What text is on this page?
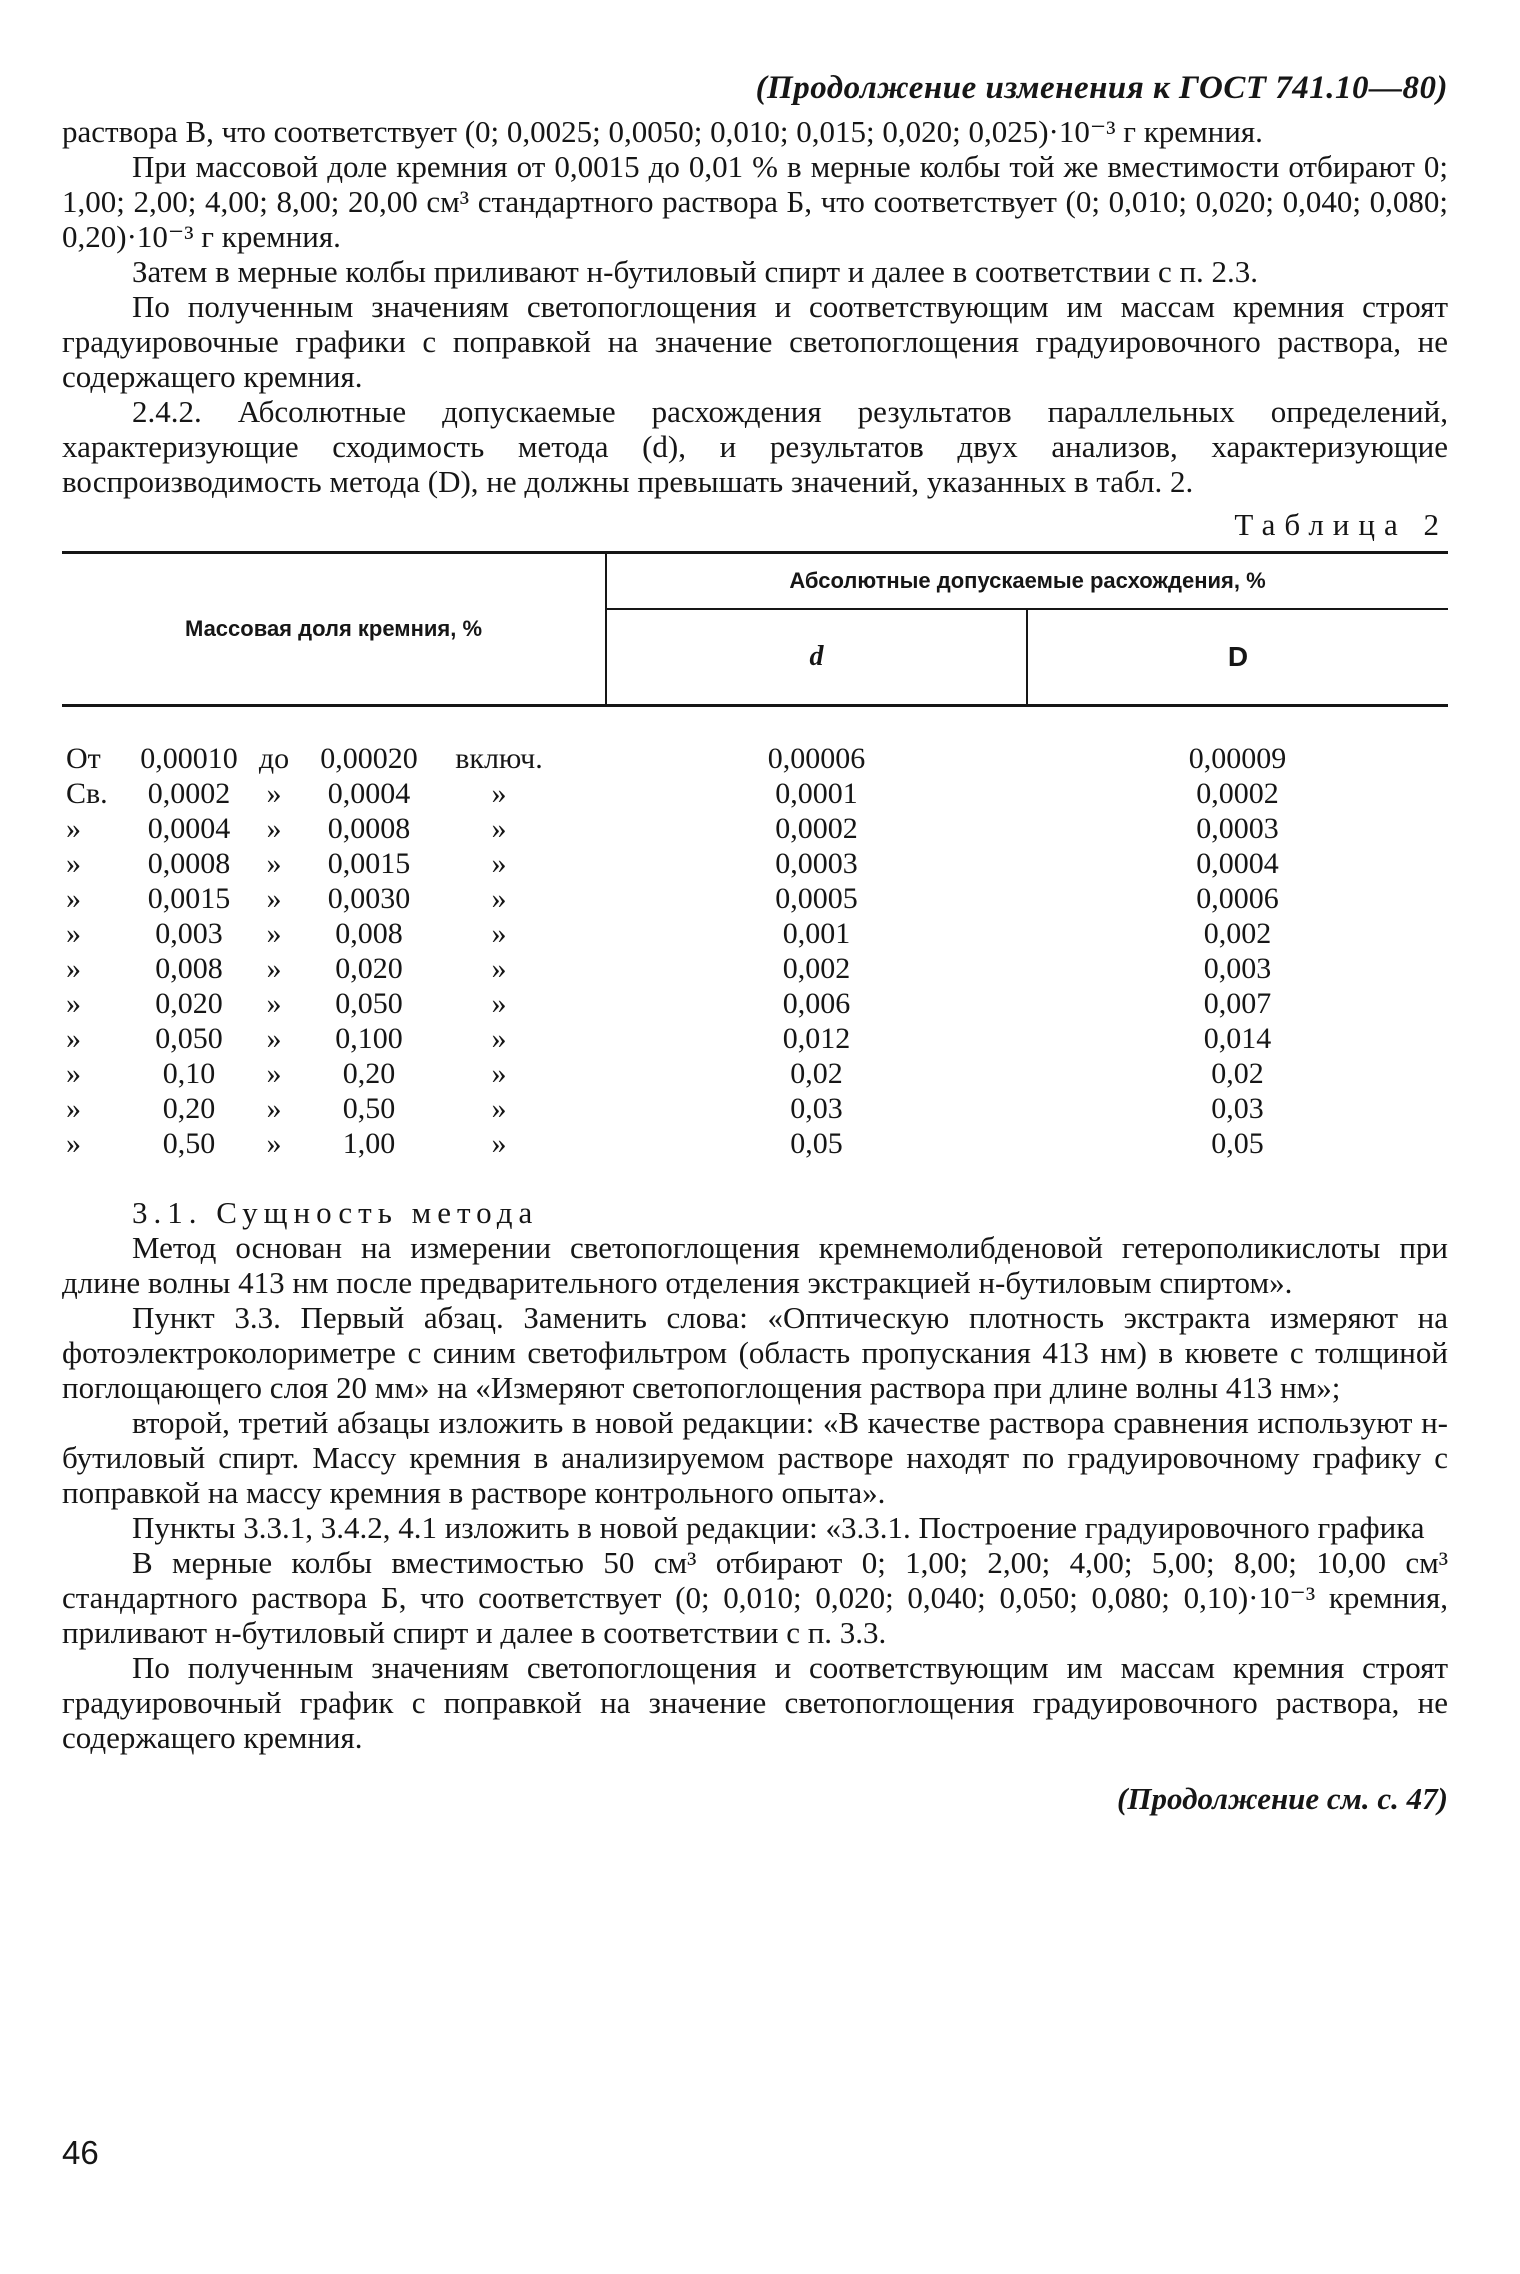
(Продолжение изменения к ГОСТ 741.10—80)

раствора В, что соответствует (0; 0,0025; 0,0050; 0,010; 0,015; 0,020; 0,025)·10⁻³ г кремния.

При массовой доле кремния от 0,0015 до 0,01 % в мерные колбы той же вместимости отбирают 0; 1,00; 2,00; 4,00; 8,00; 20,00 см³ стандартного раствора Б, что соответствует (0; 0,010; 0,020; 0,040; 0,080; 0,20)·10⁻³ г кремния.

Затем в мерные колбы приливают н-бутиловый спирт и далее в соответствии с п. 2.3.

По полученным значениям светопоглощения и соответствующим им массам кремния строят градуировочные графики с поправкой на значение светопоглощения градуировочного раствора, не содержащего кремния.

2.4.2. Абсолютные допускаемые расхождения результатов параллельных определений, характеризующие сходимость метода (d), и результатов двух анализов, характеризующие воспроизводимость метода (D), не должны превышать значений, указанных в табл. 2.

Таблица 2
Массовая доля кремния, %	Абсолютные допускаемые расхождения, %	
	d	D

От 0,00010 до 0,00020 включ.	0,00006	0,00009

Св. 0,0002 » 0,0004 »	0,0001	0,0002

» 0,0004 » 0,0008 »	0,0002	0,0003

» 0,0008 » 0,0015 »	0,0003	0,0004

» 0,0015 » 0,0030 »	0,0005	0,0006

» 0,003 » 0,008 »	0,001	0,002

» 0,008 » 0,020 »	0,002	0,003

» 0,020 » 0,050 »	0,006	0,007

» 0,050 » 0,100 »	0,012	0,014

» 0,10 » 0,20 »	0,02	0,02

» 0,20 » 0,50 »	0,03	0,03

» 0,50 » 1,00 »	0,05	0,05

3.1. Сущность метода

Метод основан на измерении светопоглощения кремнемолибденовой гетерополикислоты при длине волны 413 нм после предварительного отделения экстракцией н-бутиловым спиртом».

Пункт 3.3. Первый абзац. Заменить слова: «Оптическую плотность экстракта измеряют на фотоэлектроколориметре с синим светофильтром (область пропускания 413 нм) в кювете с толщиной поглощающего слоя 20 мм» на «Измеряют светопоглощения раствора при длине волны 413 нм»;

второй, третий абзацы изложить в новой редакции: «В качестве раствора сравнения используют н-бутиловый спирт. Массу кремния в анализируемом растворе находят по градуировочному графику с поправкой на массу кремния в растворе контрольного опыта».

Пункты 3.3.1, 3.4.2, 4.1 изложить в новой редакции: «3.3.1. Построение градуировочного графика

В мерные колбы вместимостью 50 см³ отбирают 0; 1,00; 2,00; 4,00; 5,00; 8,00; 10,00 см³ стандартного раствора Б, что соответствует (0; 0,010; 0,020; 0,040; 0,050; 0,080; 0,10)·10⁻³ кремния, приливают н-бутиловый спирт и далее в соответствии с п. 3.3.

По полученным значениям светопоглощения и соответствующим им массам кремния строят градуировочный график с поправкой на значение светопоглощения градуировочного раствора, не содержащего кремния.

(Продолжение см. с. 47)
46
